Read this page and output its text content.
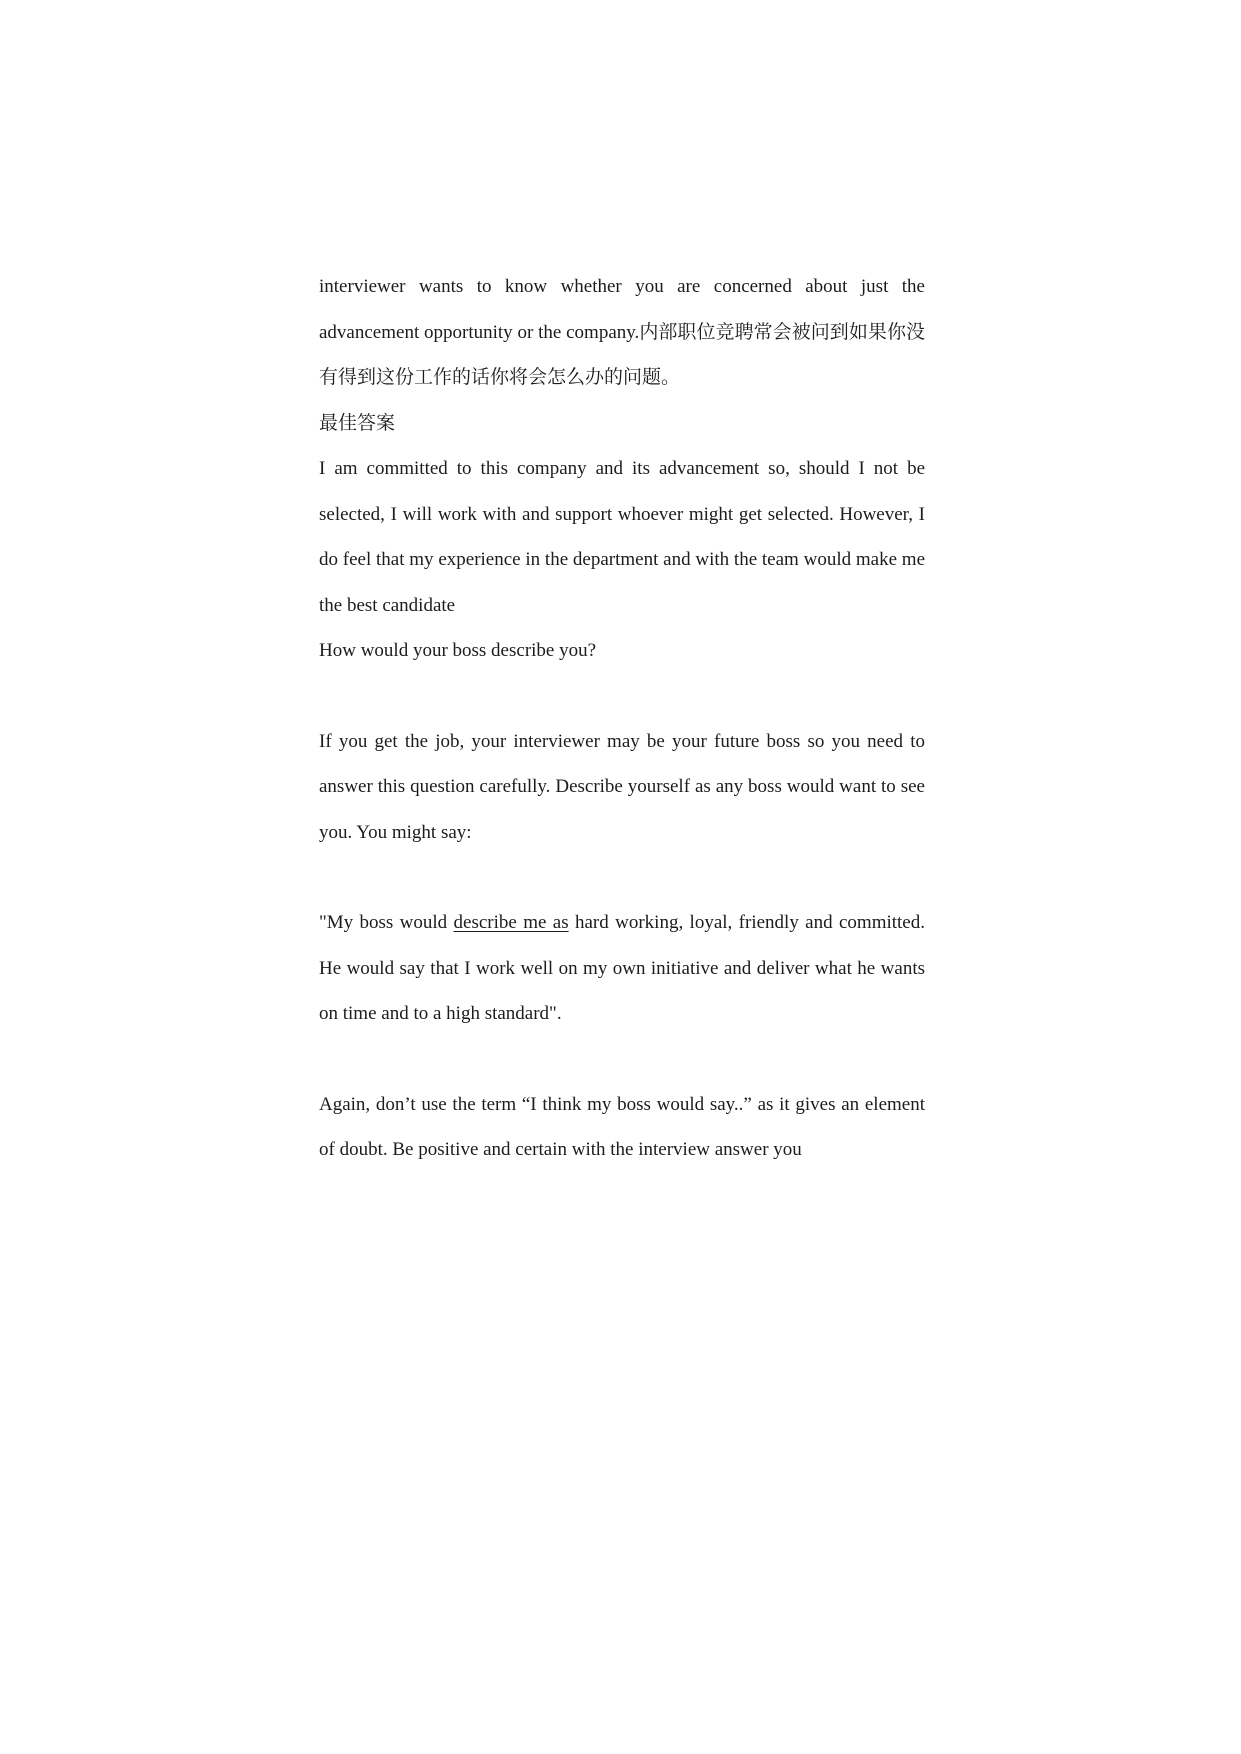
interviewer wants to know whether you are concerned about just the advancement opportunity or the company.内部职位竞聘常会被问到如果你没有得到这份工作的话你将会怎么办的问题。

最佳答案

I am committed to this company and its advancement so, should I not be selected, I will work with and support whoever might get selected. However, I do feel that my experience in the department and with the team would make me the best candidate

How would your boss describe you?

If you get the job, your interviewer may be your future boss so you need to answer this question carefully. Describe yourself as any boss would want to see you. You might say:

"My boss would describe me as hard working, loyal, friendly and committed. He would say that I work well on my own initiative and deliver what he wants on time and to a high standard".

Again, don’t use the term “I think my boss would say..” as it gives an element of doubt. Be positive and certain with the interview answer you
